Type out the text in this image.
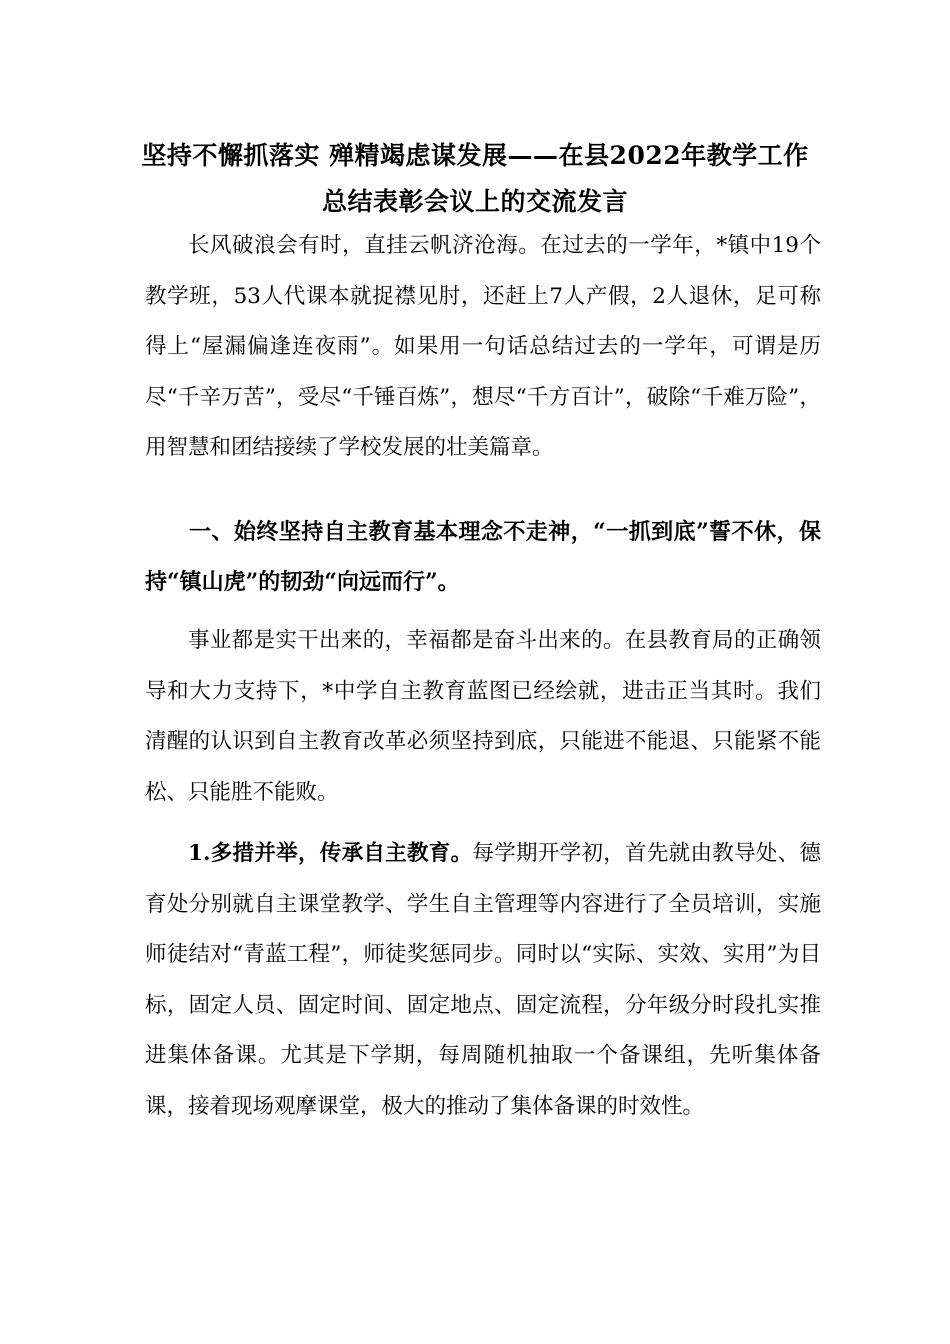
坚持不懈抓落实 殚精竭虑谋发展——在县2022年教学工作总结表彰会议上的交流发言

长风破浪会有时，直挂云帆济沧海。在过去的一学年，*镇中19个教学班，53人代课本就捉襟见肘，还赶上7人产假，2人退休，足可称得上“屋漏偏逢连夜雨”。如果用一句话总结过去的一学年，可谓是历尽“千辛万苦”，受尽“千锤百炼”，想尽“千方百计”，破除“千难万险”，用智慧和团结接续了学校发展的壮美篇章。

一、始终坚持自主教育基本理念不走神，“一抓到底”誓不休，保持“镇山虎”的韧劲“向远而行”。

事业都是实干出来的，幸福都是奋斗出来的。在县教育局的正确领导和大力支持下，*中学自主教育蓝图已经绘就，进击正当其时。我们清醒的认识到自主教育改革必须坚持到底，只能进不能退、只能紧不能松、只能胜不能败。

1.多措并举，传承自主教育。每学期开学初，首先就由教导处、德育处分别就自主课堂教学、学生自主管理等内容进行了全员培训，实施师徒结对“青蓝工程”，师徒奖惩同步。同时以“实际、实效、实用”为目标，固定人员、固定时间、固定地点、固定流程，分年级分时段扎实推进集体备课。尤其是下学期，每周随机抽取一个备课组，先听集体备课，接着现场观摩课堂，极大的推动了集体备课的时效性。
